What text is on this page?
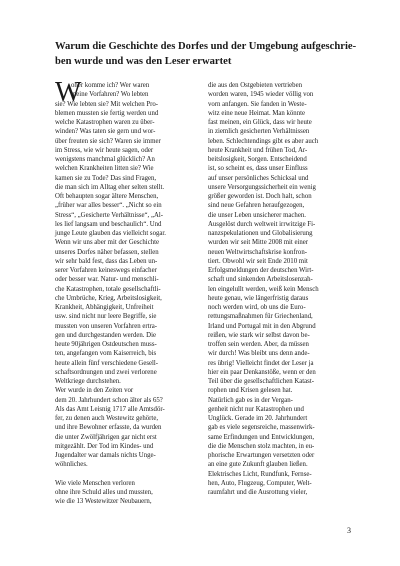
Warum die Geschichte des Dorfes und der Umgebung aufgeschrie-
ben wurde und was den Leser erwartet
W
oher komme ich? Wer waren
meine Vorfahren? Wo lebten
sie? Wie lebten sie? Mit welchen Pro-
blemen mussten sie fertig werden und
welche Katastrophen waren zu über-
winden? Was taten sie gern und wor-
über freuten sie sich? Waren sie immer
im Stress, wie wir heute sagen, oder
wenigstens manchmal glücklich? An
welchen Krankheiten litten sie? Wie
kamen sie zu Tode? Das sind Fragen,
die man sich im Alltag eher selten stellt.
Oft behaupten sogar ältere Menschen,
„früher war alles besser“. „Nicht so ein
Stress“, „Gesicherte Verhältnisse“, „Al-
les lief langsam und beschaulich“. Und
junge Leute glauben das vielleicht sogar.
Wenn wir uns aber mit der Geschichte
unseres Dorfes näher befassen, stellen
wir sehr bald fest, dass das Leben un-
serer Vorfahren keineswegs einfacher
oder besser war. Natur- und menschli-
che Katastrophen, totale gesellschaftli-
che Umbrüche, Krieg, Arbeitslosigkeit,
Krankheit, Abhängigkeit, Unfreiheit
usw. sind nicht nur leere Begriffe, sie
mussten von unseren Vorfahren ertra-
gen und durchgestanden werden. Die
heute 90jährigen Ostdeutschen muss-
ten, angefangen vom Kaiserreich, bis
heute allein fünf verschiedene Gesell-
schaftsordnungen und zwei verlorene
Weltkriege durchstehen.
Wer wurde in den Zeiten vor
dem 20. Jahrhundert schon älter als 65?
Als das Amt Leisnig 1717 alle Amtsdör-
fer, zu denen auch Westewitz gehörte,
und ihre Bewohner erfasste, da wurden
die unter Zwölfjährigen gar nicht erst
mitgezählt. Der Tod im Kindes- und
Jugendalter war damals nichts Unge-
wöhnliches.
Wie viele Menschen verloren
ohne ihre Schuld alles und mussten,
wie die 13 Westewitzer Neubauern,
die aus den Ostgebieten vertrieben
worden waren, 1945 wieder völlig von
vorn anfangen. Sie fanden in Weste-
witz eine neue Heimat. Man könnte
fast meinen, ein Glück, dass wir heute
in ziemlich gesicherten Verhältnissen
leben. Schlechtendings gibt es aber auch
heute Krankheit und frühen Tod, Ar-
beitslosigkeit, Sorgen. Entscheidend
ist, so scheint es, dass unser Einfluss
auf unser persönliches Schicksal und
unsere Versorgungssicherheit ein wenig
größer geworden ist. Doch halt, schon
sind neue Gefahren heraufgezogen,
die unser Leben unsicherer machen.
Ausgelöst durch weltweit irrwitzige Fi-
nanzspekulationen und Globalisierung
wurden wir seit Mitte 2008 mit einer
neuen Weltwirtschaftskrise konfron-
tiert. Obwohl wir seit Ende 2010 mit
Erfolgsmeldungen der deutschen Wirt-
schaft und sinkenden Arbeitslosenzah-
len eingelullt werden, weiß kein Mensch
heute genau, wie längerfristig daraus
noch werden wird, ob uns die Euro-
rettungsmaßnahmen für Griechenland,
Irland und Portugal mit in den Abgrund
reißen, wie stark wir selbst davon be-
troffen sein werden. Aber, da müssen
wir durch! Was bleibt uns denn ande-
res übrig! Vielleicht findet der Leser ja
hier ein paar Denkanstöße, wenn er den
Teil über die gesellschaftlichen Katast-
rophen und Krisen gelesen hat.
Natürlich gab es in der Vergan-
genheit nicht nur Katastrophen und
Unglück. Gerade im 20. Jahrhundert
gab es viele segensreiche, massenwirk-
same Erfindungen und Entwicklungen,
die die Menschen stolz machten, in eu-
phorische Erwartungen versetzten oder
an eine gute Zukunft glauben ließen.
Elektrisches Licht, Rundfunk, Fernse-
hen, Auto, Flugzeug, Computer, Welt-
raumfahrt und die Ausrottung vieler,
3
